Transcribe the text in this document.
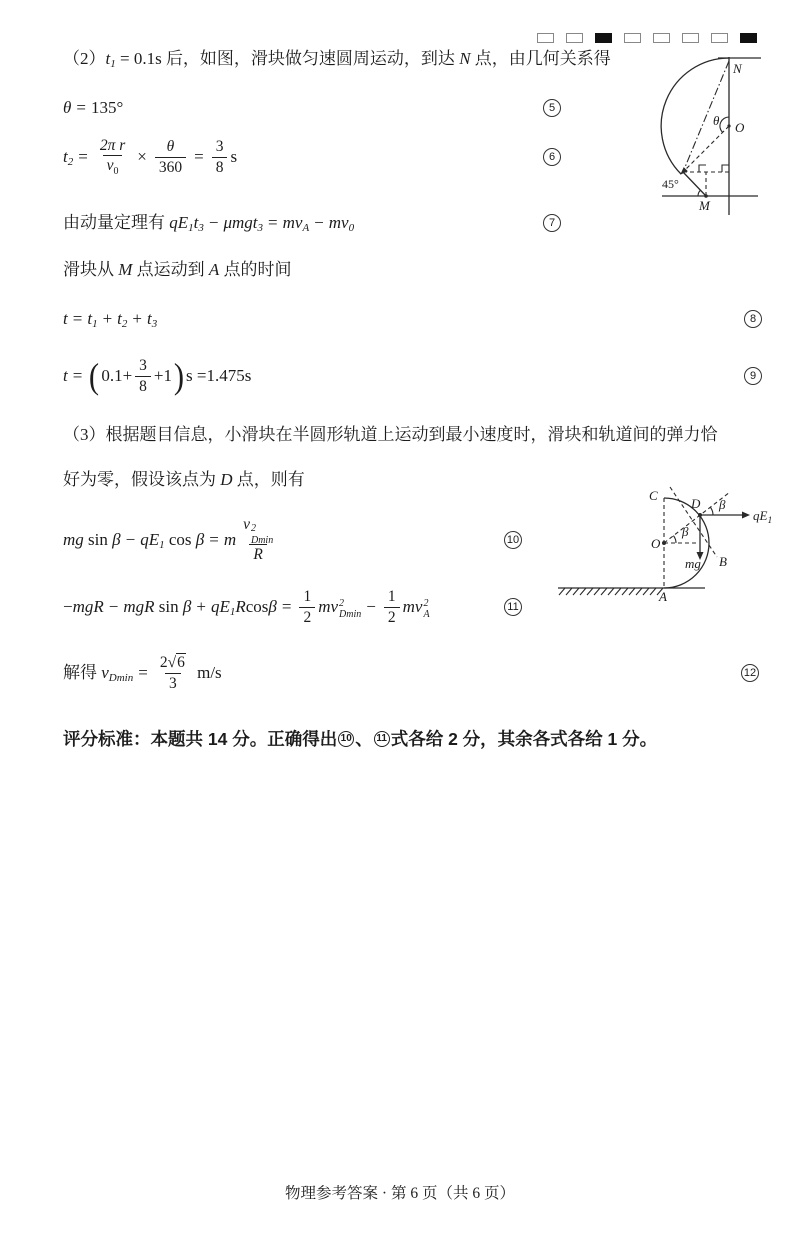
（2） $t_1 = 0.1s$ 后，如图，滑块做匀速圆周运动，到达 N 点，由几何关系得
θ = 135°	5
$t_2 = \frac{\text{2π r}}{v_0} \times \frac{\theta}{360} = \frac{3}{8}$ s	6
由动量定理有 $qE_1$ $t_3 - \mu mgt_3 = mv_A - mv_0$	7
滑块从 M 点运动到 A 点的时间
$t = t_1 + t_2 + t_3$	8
t = ( $0.1+ \frac{3}{8} +1$ ) s =1.475s	9
（3） 根据题目信息，小滑块在半圆形轨道上运动到最小速度时，滑块和轨道间的弹力恰
好为零，假设该点为 D 点，则有
mg $\sin \beta - qE_1$ cos β = m v 2
Dmin
R	10
− mgR − mgR $\sin \beta + qE_1$ R $\cos \beta = \frac{1}{2}$ mv 2
$Dmin - \frac{1}{2}$ mv 2
A
11
解得 $v_{Dmin} = \frac{2√6}{3} m/s$	12
评分标准：本题共 14 分。正确得出 10 、 11 式各给 2 分，其余各式各给 1 分。
N
θ O
45°
M
C
D β
$qE_1$
β
O
mg B
A
物理参考答案 · 第 6 页（共 6 页）
